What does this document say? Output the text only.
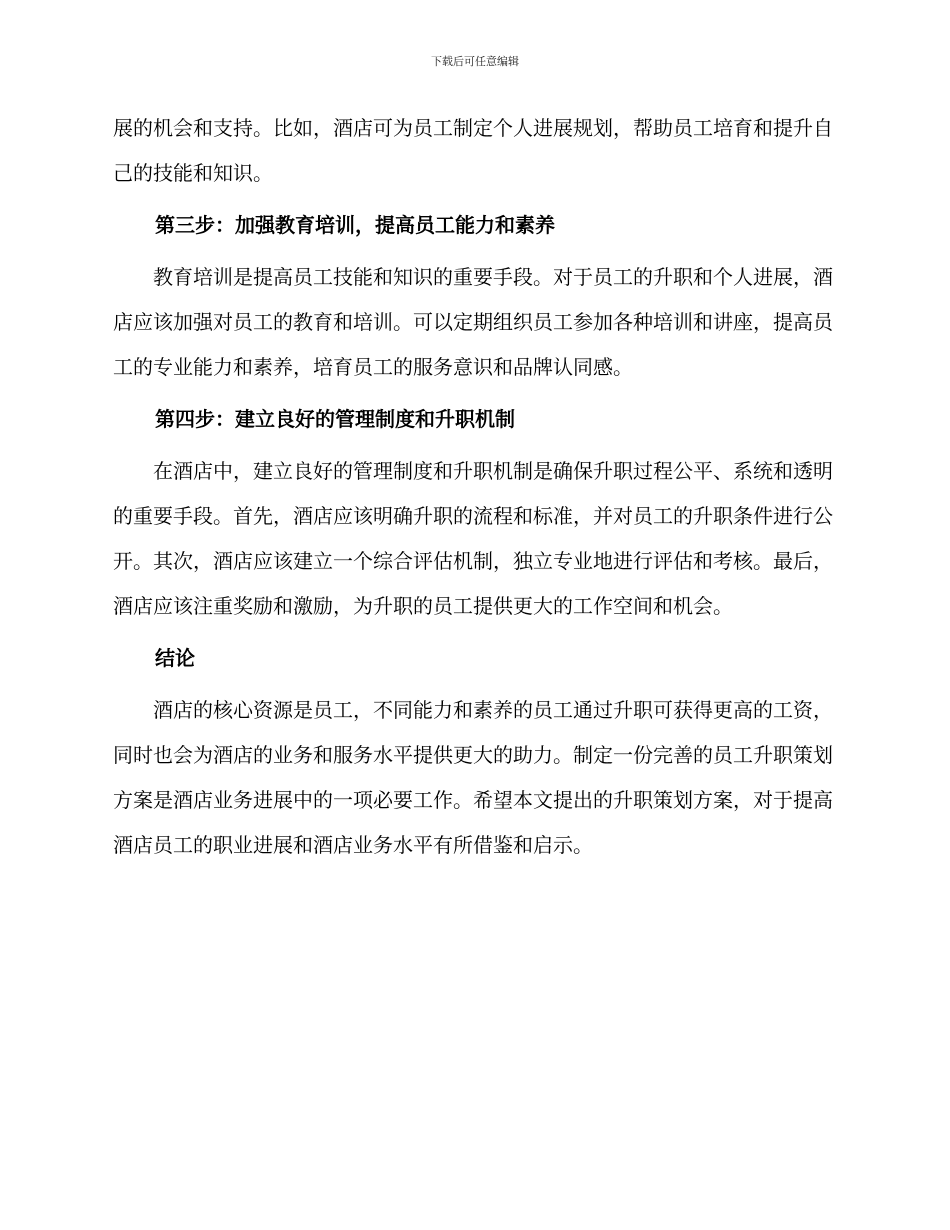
下载后可任意编辑

展的机会和支持。比如，酒店可为员工制定个人进展规划，帮助员工培育和提升自己的技能和知识。

第三步：加强教育培训，提高员工能力和素养

教育培训是提高员工技能和知识的重要手段。对于员工的升职和个人进展，酒店应该加强对员工的教育和培训。可以定期组织员工参加各种培训和讲座，提高员工的专业能力和素养，培育员工的服务意识和品牌认同感。

第四步：建立良好的管理制度和升职机制

在酒店中，建立良好的管理制度和升职机制是确保升职过程公平、系统和透明的重要手段。首先，酒店应该明确升职的流程和标准，并对员工的升职条件进行公开。其次，酒店应该建立一个综合评估机制，独立专业地进行评估和考核。最后，酒店应该注重奖励和激励，为升职的员工提供更大的工作空间和机会。

结论

酒店的核心资源是员工，不同能力和素养的员工通过升职可获得更高的工资，同时也会为酒店的业务和服务水平提供更大的助力。制定一份完善的员工升职策划方案是酒店业务进展中的一项必要工作。希望本文提出的升职策划方案，对于提高酒店员工的职业进展和酒店业务水平有所借鉴和启示。
